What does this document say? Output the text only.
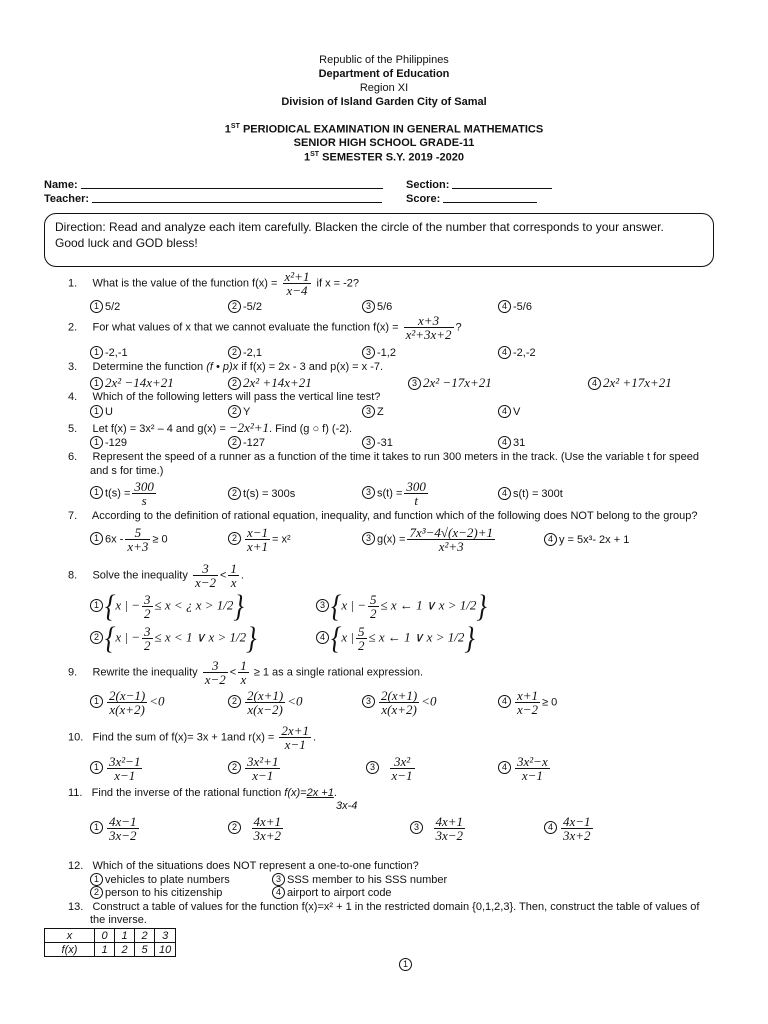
Republic of the Philippines
Department of Education
Region XI
Division of Island Garden City of Samal
1ST PERIODICAL EXAMINATION IN GENERAL MATHEMATICS
SENIOR HIGH SCHOOL GRADE-11
1ST SEMESTER S.Y. 2019 -2020
Name:
Teacher:
Section:
Score:
Direction: Read and analyze each item carefully. Blacken the circle of the number that corresponds to your answer.
Good luck and GOD bless!
1. What is the value of the function $f(x) = \frac{\text{x²+1}}{x-4}$ if x = -2?
1 5/2	2 -5/2	3 5/6	4 -5/6
2. For what values of x that we cannot evaluate the function $f(x) = \frac{x+3}{\text{x²+3x+2}}$ ?
1 -2,-1	2 -2,1	3 -1,2	4 -2,-2
3. Determine the function (f • p)x if f(x) = 2x - 3 and p(x) = x -7.
1 2x² −14x+21	2 2x² +14x+21	3 2x² −17x+21	4 2x² +17x+21
4. Which of the following letters will pass the vertical line test?
1 U	2 Y	3 Z	4 V
5. Let f(x) = 3x² – 4 and g(x) = −2x²+1. Find (g ○ f) (-2).
1 -129	2 -127	3 -31	4 31
6. Represent the speed of a runner as a function of the time it takes to run 300 meters in the track. (Use the variable t for speed
and s for time.)
1 $t(s) = \frac{300}{s}$	2 t(s) = 300s	3 $s(t) = \frac{300}{t}$	4 s(t) = 300t
7. According to the definition of rational equation, inequality, and function which of the following does NOT belong to the group?
1 $6x - \frac{5}{x+3} \ge 0$	$2 \frac{x-1}{x+1} = x^2$	3 $g(x) = \frac{\text{7x³−4√(x−2)+1}}{\text{x²+3}}$	4 y = 5x³- 2x + 1
8. Solve the inequality $\frac{3}{x-2} < \frac{1}{x}$ .
1 {x | − $\frac{3}{2} \le x$ < ¿ x > 1/2}
2 {x | − $\frac{3}{2} \le x < 1$ ∨ x > 1/2}
3 {x | − $\frac{5}{2} \le x$ ← 1 ∨ x > 1/2}
4 {x | $\frac{5}{2} \le x$ ← 1 ∨ x > 1/2}
9. Rewrite the inequality $\frac{3}{x-2} < \frac{1}{x} \ge 1$ as a single rational expression.
$1 \frac{2(x-1)}{x(x+2)} <0$	$2 \frac{2(x+1)}{x(x-2)} <0$	$3 \frac{2(x+1)}{x(x+2)} <0$	$4 \frac{x+1}{x-2} \ge 0$
10. Find the sum of f(x)= 3x + 1and $r(x) = \frac{2x+1}{x-1}$ .
$1 \frac{\text{3x²−1}}{x-1}$	$2 \frac{\text{3x²+1}}{x-1}$	$3 \frac{\text{3x²}}{x-1}$	$4 \frac{\text{3x²−x}}{x-1}$
11. Find the inverse of the rational function f(x)=2x +1.
3x-4
$1 \frac{4x-1}{3x-2}$	$2 \frac{4x+1}{3x+2}$	$3 \frac{4x+1}{3x-2}$	$4 \frac{4x-1}{3x+2}$
12. Which of the situations does NOT represent a one-to-one function?
1 vehicles to plate numbers
2 person to his citizenship
3 SSS member to his SSS number
4 airport to airport code
13. Construct a table of values for the function f(x)=x² + 1 in the restricted domain {0,1,2,3}. Then, construct the table of values of
the inverse.
x	0	1	2	3
f(x)	1	2	5	10
1
